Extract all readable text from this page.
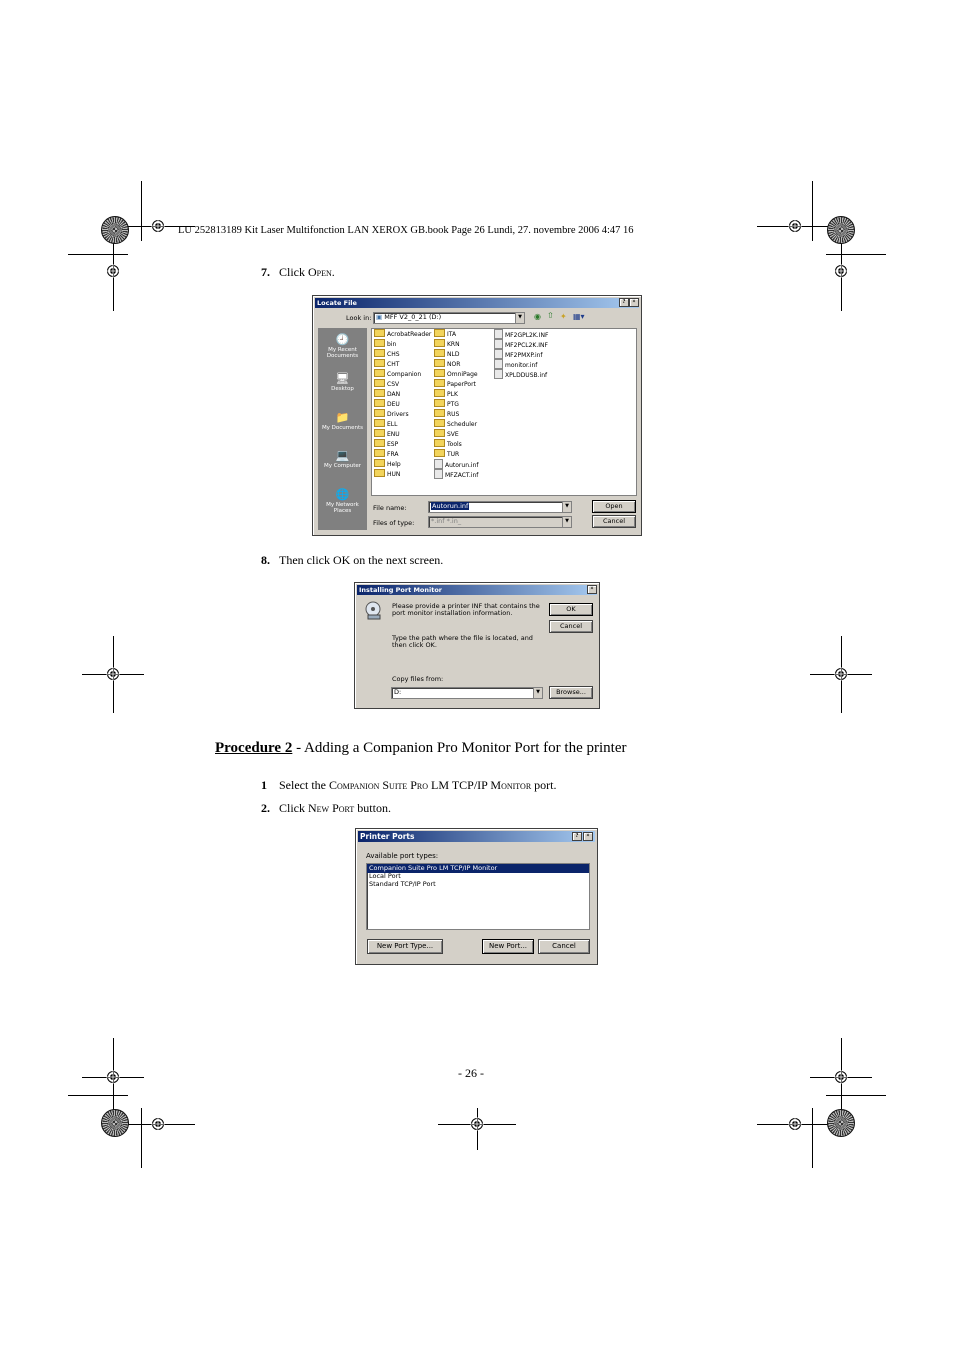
LU 252813189 Kit Laser Multifonction LAN XEROX GB.book Page 26 Lundi, 27. novembre 2006 4:47 16
7. Click Open.
Locate File	?	×
Look in: ▣ MFF V2_0_21 (D:)	▼ ◉ ⇧ ✦ ▦▾
🕘
My Recent Documents
🖥
Desktop
📁
My Documents
💻
My Computer
🌐
My Network Places
AcrobatReader
bin
CHS
CHT
Companion
CSV
DAN
DEU
Drivers
ELL
ENU
ESP
FRA
Help
HUN
ITA
KRN
NLD
NOR
OmniPage
PaperPort
PLK
PTG
RUS
Scheduler
SVE
Tools
TUR
Autorun.inf
MFZACT.inf
MF2GPL2K.INF
MF2PCL2K.INF
MF2PMXP.inf
monitor.inf
XPLDDUSB.inf
File name:	Autorun.inf	▼
Files of type:	*.inf *.in_	▼
Open
Cancel
8. Then click OK on the next screen.
Installing Port Monitor	×
Please provide a printer INF that contains the port monitor installation information.
Type the path where the file is located, and then click OK.
Copy files from:
D:	▼
OK
Cancel
Browse...
Procedure 2 - Adding a Companion Pro Monitor Port for the printer
1 Select the Companion Suite Pro LM TCP/IP Monitor port.
2. Click New Port button.
Printer Ports	?	×
Available port types:
Companion Suite Pro LM TCP/IP Monitor
Local Port
Standard TCP/IP Port
New Port Type...	New Port...	Cancel
- 26 -
